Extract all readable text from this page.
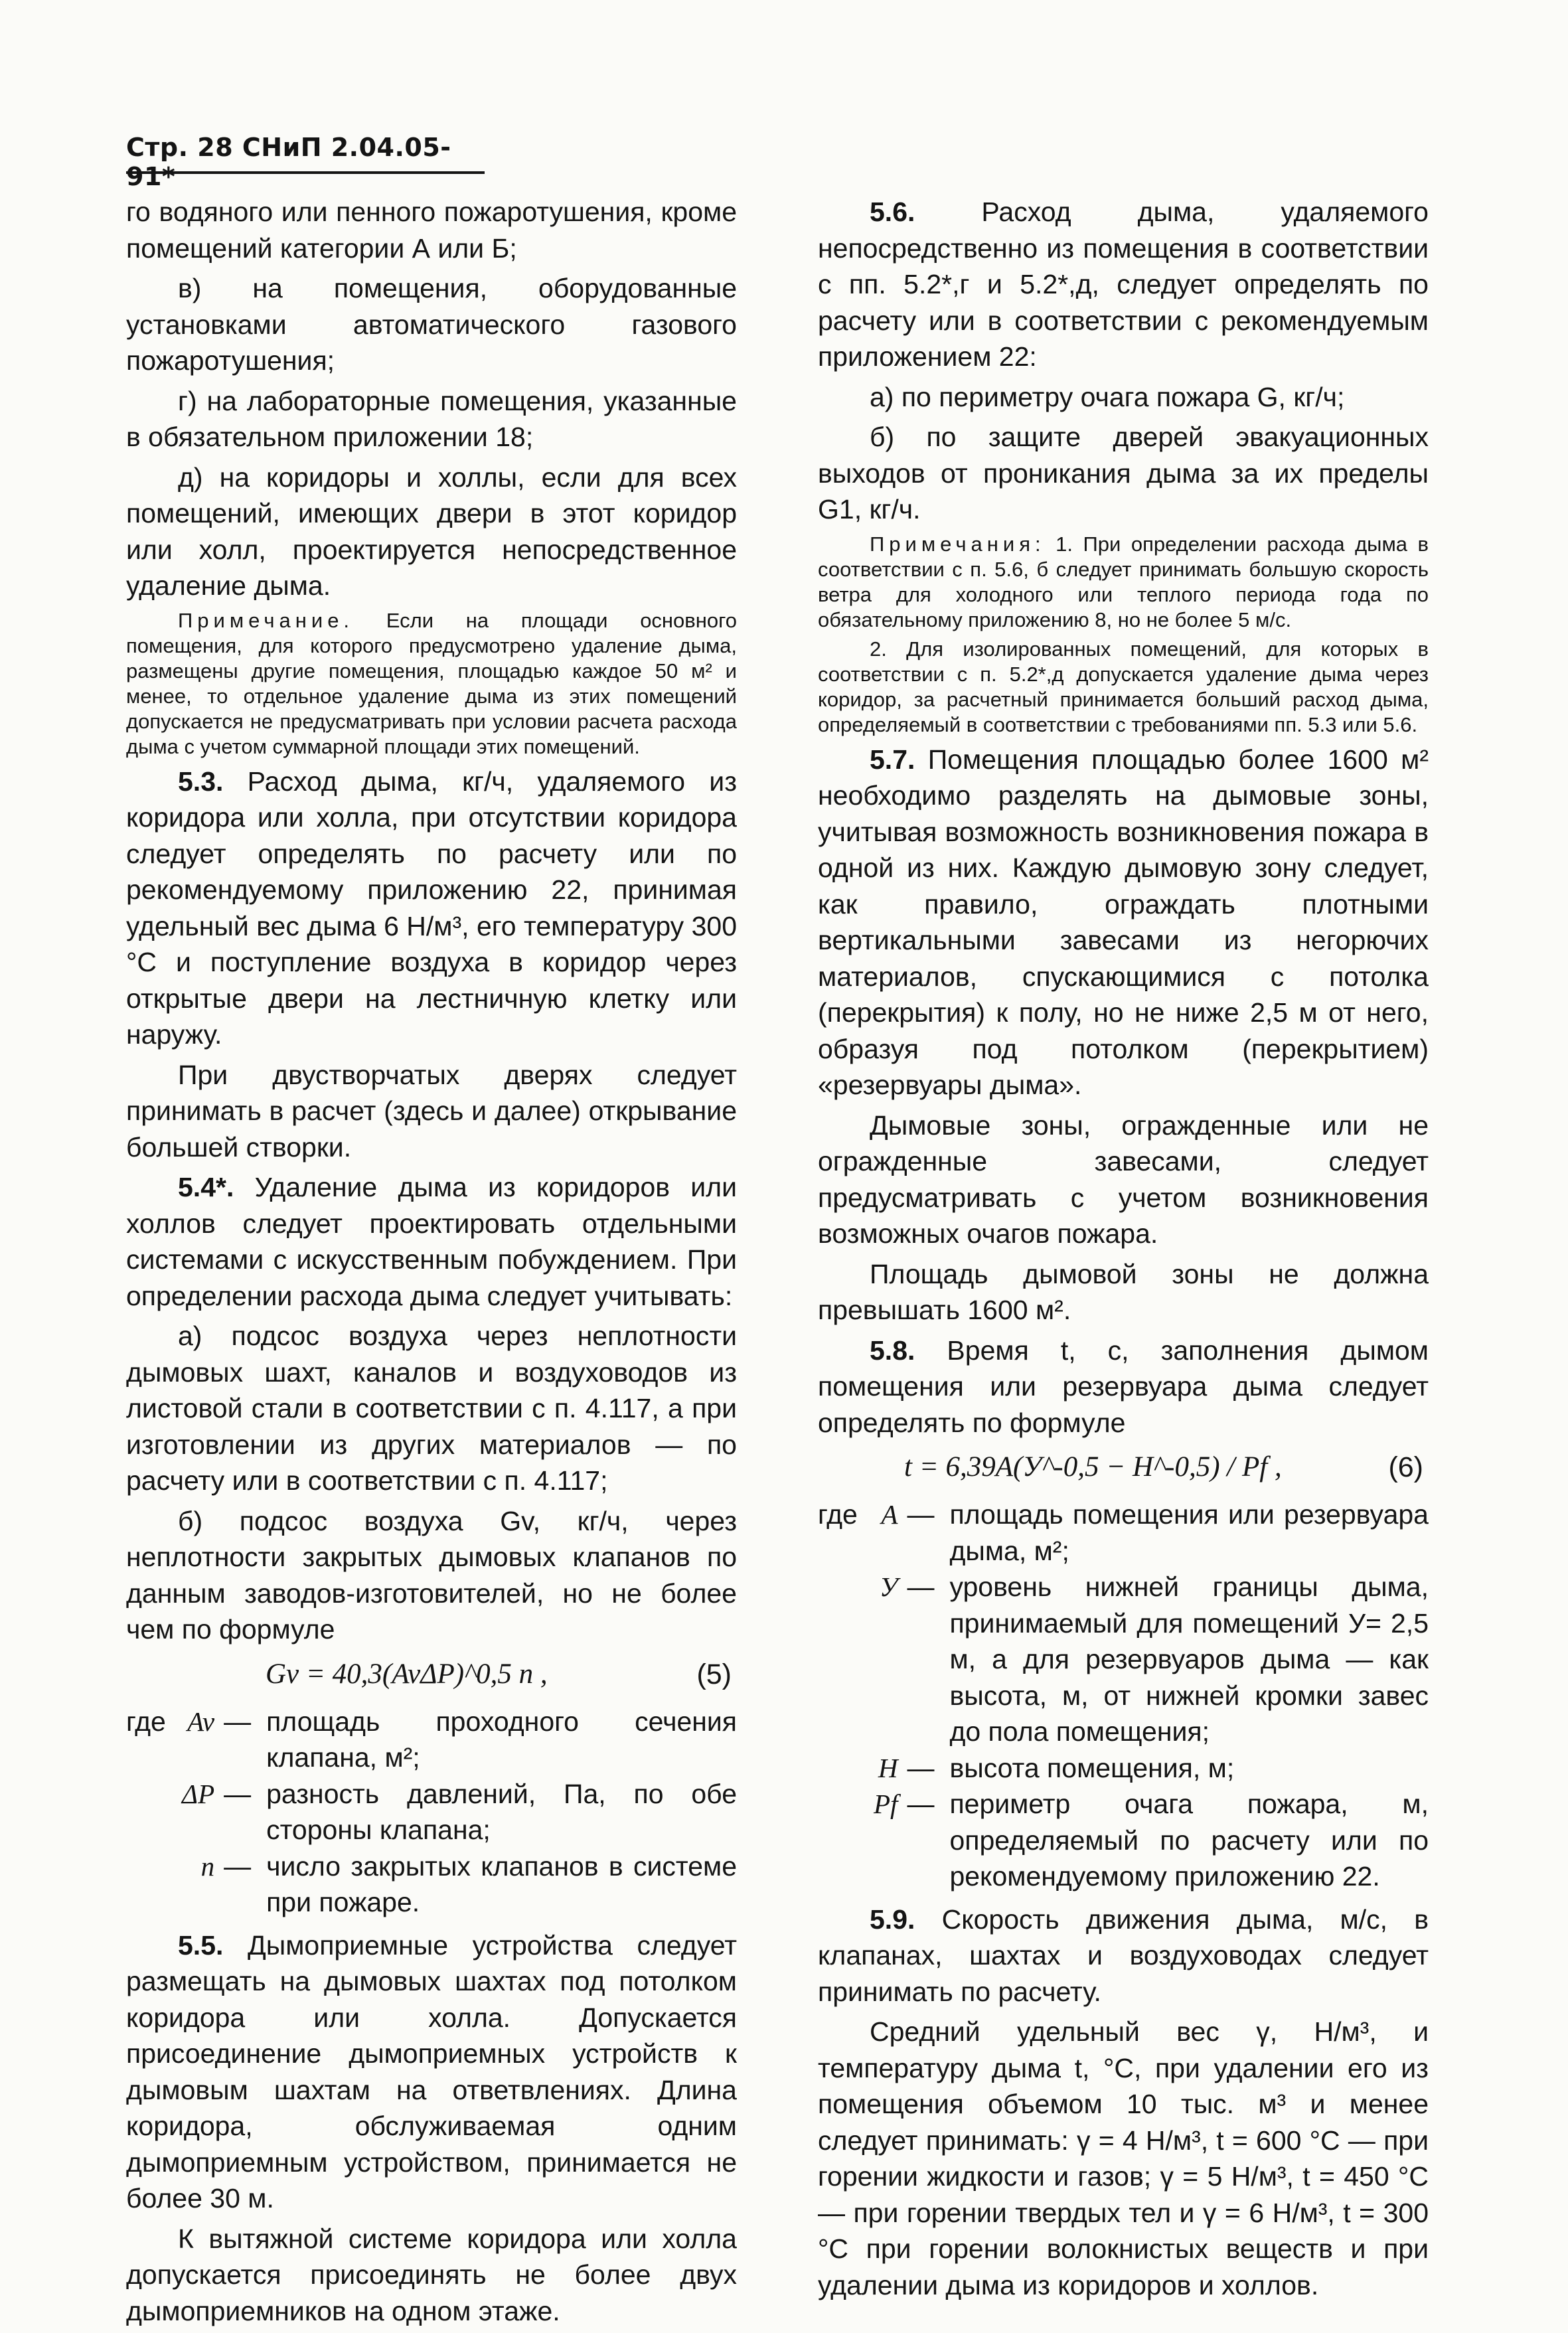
Стр. 28 СНиП 2.04.05-91*

го водяного или пенного пожаротушения, кроме помещений категории А или Б;

в) на помещения, оборудованные установками автоматического газового пожаротушения;

г) на лабораторные помещения, указанные в обязательном приложении 18;

д) на коридоры и холлы, если для всех помещений, имеющих двери в этот коридор или холл, проектируется непосредственное удаление дыма.

Примечание. Если на площади основного помещения, для которого предусмотрено удаление дыма, размещены другие помещения, площадью каждое 50 м² и менее, то отдельное удаление дыма из этих помещений допускается не предусматривать при условии расчета расхода дыма с учетом суммарной площади этих помещений.

5.3. Расход дыма, кг/ч, удаляемого из коридора или холла, при отсутствии коридора следует определять по расчету или по рекомендуемому приложению 22, принимая удельный вес дыма 6 Н/м³, его температуру 300 °С и поступление воздуха в коридор через открытые двери на лестничную клетку или наружу.

При двустворчатых дверях следует принимать в расчет (здесь и далее) открывание большей створки.

5.4*. Удаление дыма из коридоров или холлов следует проектировать отдельными системами с искусственным побуждением. При определении расхода дыма следует учитывать:

а) подсос воздуха через неплотности дымовых шахт, каналов и воздуховодов из листовой стали в соответствии с п. 4.117, а при изготовлении из других материалов — по расчету или в соответствии с п. 4.117;

б) подсос воздуха Gv, кг/ч, через неплотности закрытых дымовых клапанов по данным заводов-изготовителей, но не более чем по формуле

Gv = 40,3(AvΔP)^0,5 n ,	(5)
где	Av	—	площадь проходного сечения клапана, м²;
	ΔP	—	разность давлений, Па, по обе стороны клапана;
	n	—	число закрытых клапанов в системе при пожаре.

5.5. Дымоприемные устройства следует размещать на дымовых шахтах под потолком коридора или холла. Допускается присоединение дымоприемных устройств к дымовым шахтам на ответвлениях. Длина коридора, обслуживаемая одним дымоприемным устройством, принимается не более 30 м.

К вытяжной системе коридора или холла допускается присоединять не более двух дымоприемников на одном этаже.

5.6. Расход дыма, удаляемого непосредственно из помещения в соответствии с пп. 5.2*,г и 5.2*,д, следует определять по расчету или в соответствии с рекомендуемым приложением 22:

а) по периметру очага пожара G, кг/ч;

б) по защите дверей эвакуационных выходов от проникания дыма за их пределы G1, кг/ч.

Примечания: 1. При определении расхода дыма в соответствии с п. 5.6, б следует принимать большую скорость ветра для холодного или теплого периода года по обязательному приложению 8, но не более 5 м/с.

2. Для изолированных помещений, для которых в соответствии с п. 5.2*,д допускается удаление дыма через коридор, за расчетный принимается больший расход дыма, определяемый в соответствии с требованиями пп. 5.3 или 5.6.

5.7. Помещения площадью более 1600 м² необходимо разделять на дымовые зоны, учитывая возможность возникновения пожара в одной из них. Каждую дымовую зону следует, как правило, ограждать плотными вертикальными завесами из негорючих материалов, спускающимися с потолка (перекрытия) к полу, но не ниже 2,5 м от него, образуя под потолком (перекрытием) «резервуары дыма».

Дымовые зоны, огражденные или не огражденные завесами, следует предусматривать с учетом возникновения возможных очагов пожара.

Площадь дымовой зоны не должна превышать 1600 м².

5.8. Время t, с, заполнения дымом помещения или резервуара дыма следует определять по формуле

t = 6,39A(У^-0,5 − H^-0,5) / Pf ,	(6)
где	A	—	площадь помещения или резервуара дыма, м²;
	У	—	уровень нижней границы дыма, принимаемый для помещений У= 2,5 м, а для резервуаров дыма — как высота, м, от нижней кромки завес до пола помещения;
	H	—	высота помещения, м;
	Pf	—	периметр очага пожара, м, определяемый по расчету или по рекомендуемому приложению 22.

5.9. Скорость движения дыма, м/с, в клапанах, шахтах и воздуховодах следует принимать по расчету.

Средний удельный вес γ, Н/м³, и температуру дыма t, °С, при удалении его из помещения объемом 10 тыс. м³ и менее следует принимать: γ = 4 Н/м³, t = 600 °С — при горении жидкости и газов; γ = 5 Н/м³, t = 450 °С — при горении твердых тел и γ = 6 Н/м³, t = 300 °С при горении волокнистых веществ и при удалении дыма из коридоров и холлов.
